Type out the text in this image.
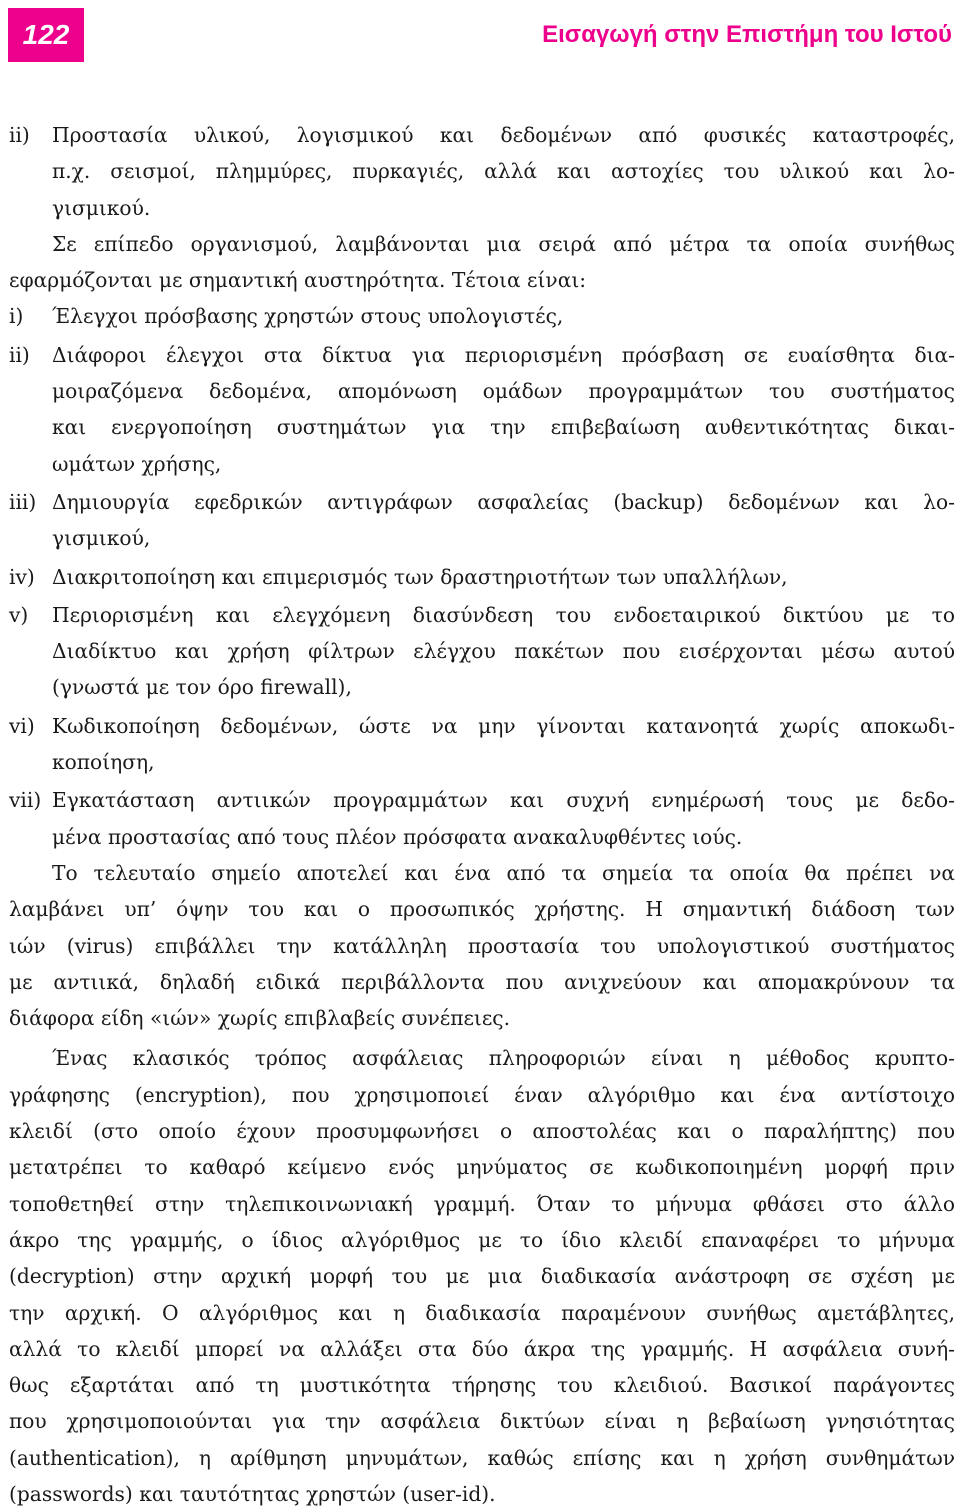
122	Εισαγωγή στην Επιστήμη του Ιστού
ii) Προστασία υλικού, λογισμικού και δεδομένων από φυσικές καταστροφές,
π.χ. σεισμοί, πλημμύρες, πυρκαγιές, αλλά και αστοχίες του υλικού και λο-
γισμικού.
Σε επίπεδο οργανισμού, λαμβάνονται μια σειρά από μέτρα τα οποία συνήθως
εφαρμόζονται με σημαντική αυστηρότητα. Τέτοια είναι:
i) Έλεγχοι πρόσβασης χρηστών στους υπολογιστές,
ii) Διάφοροι έλεγχοι στα δίκτυα για περιορισμένη πρόσβαση σε ευαίσθητα δια-
μοιραζόμενα δεδομένα, απομόνωση ομάδων προγραμμάτων του συστήματος
και ενεργοποίηση συστημάτων για την επιβεβαίωση αυθεντικότητας δικαι-
ωμάτων χρήσης,
iii) Δημιουργία εφεδρικών αντιγράφων ασφαλείας (backup) δεδομένων και λο-
γισμικού,
iv) Διακριτοποίηση και επιμερισμός των δραστηριοτήτων των υπαλλήλων,
v) Περιορισμένη και ελεγχόμενη διασύνδεση του ενδοεταιρικού δικτύου με το
Διαδίκτυο και χρήση φίλτρων ελέγχου πακέτων που εισέρχονται μέσω αυτού
(γνωστά με τον όρο firewall),
vi) Κωδικοποίηση δεδομένων, ώστε να μην γίνονται κατανοητά χωρίς αποκωδι-
κοποίηση,
vii) Εγκατάσταση αντιικών προγραμμάτων και συχνή ενημέρωσή τους με δεδο-
μένα προστασίας από τους πλέον πρόσφατα ανακαλυφθέντες ιούς.
Το τελευταίο σημείο αποτελεί και ένα από τα σημεία τα οποία θα πρέπει να
λαμβάνει υπ’ όψην του και ο προσωπικός χρήστης. Η σημαντική διάδοση των
ιών (virus) επιβάλλει την κατάλληλη προστασία του υπολογιστικού συστήματος
με αντιικά, δηλαδή ειδικά περιβάλλοντα που ανιχνεύουν και απομακρύνουν τα
διάφορα είδη «ιών» χωρίς επιβλαβείς συνέπειες.
Ένας κλασικός τρόπος ασφάλειας πληροφοριών είναι η μέθοδος κρυπτο-
γράφησης (encryption), που χρησιμοποιεί έναν αλγόριθμο και ένα αντίστοιχο
κλειδί (στο οποίο έχουν προσυμφωνήσει ο αποστολέας και ο παραλήπτης) που
μετατρέπει το καθαρό κείμενο ενός μηνύματος σε κωδικοποιημένη μορφή πριν
τοποθετηθεί στην τηλεπικοινωνιακή γραμμή. Όταν το μήνυμα φθάσει στο άλλο
άκρο της γραμμής, ο ίδιος αλγόριθμος με το ίδιο κλειδί επαναφέρει το μήνυμα
(decryption) στην αρχική μορφή του με μια διαδικασία ανάστροφη σε σχέση με
την αρχική. Ο αλγόριθμος και η διαδικασία παραμένουν συνήθως αμετάβλητες,
αλλά το κλειδί μπορεί να αλλάξει στα δύο άκρα της γραμμής. Η ασφάλεια συνή-
θως εξαρτάται από τη μυστικότητα τήρησης του κλειδιού. Βασικοί παράγοντες
που χρησιμοποιούνται για την ασφάλεια δικτύων είναι η βεβαίωση γνησιότητας
(authentication), η αρίθμηση μηνυμάτων, καθώς επίσης και η χρήση συνθημάτων
(passwords) και ταυτότητας χρηστών (user-id).
